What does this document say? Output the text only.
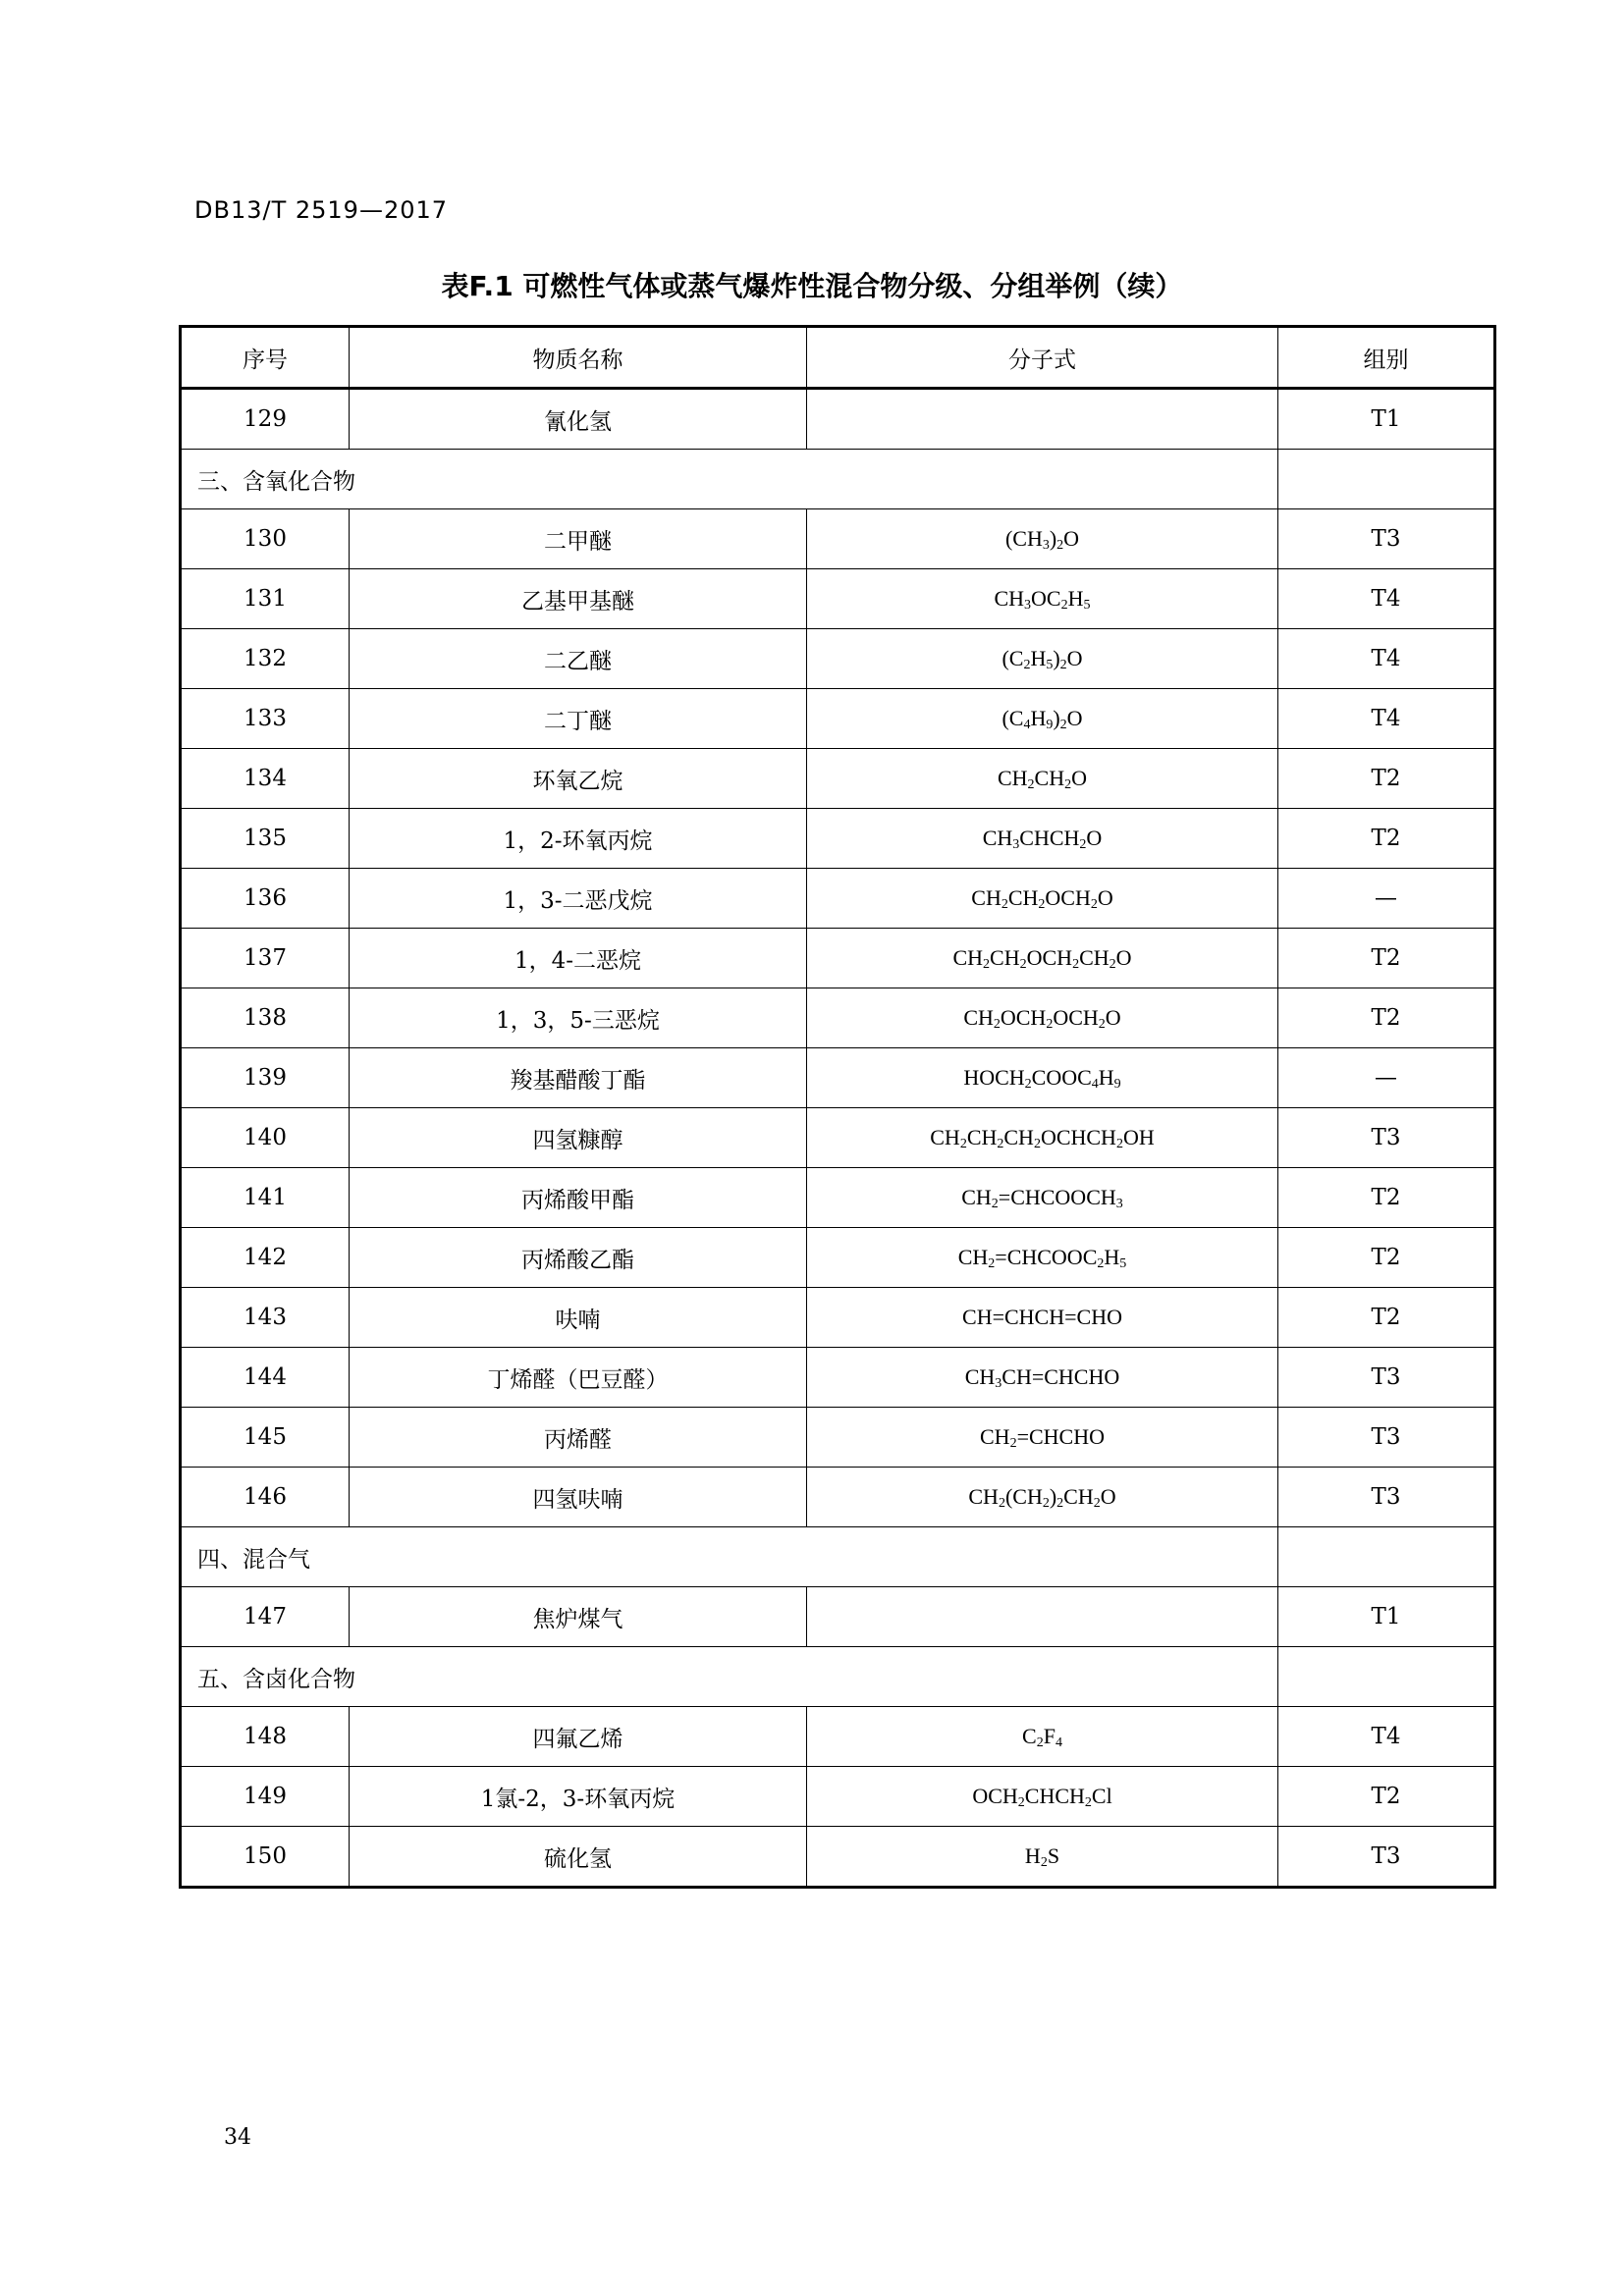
DB13/T 2519—2017
表F.1 可燃性气体或蒸气爆炸性混合物分级、分组举例（续）
序号	物质名称	分子式	组别
129	氰化氢		T1
三、含氧化合物			
130	二甲醚	$(CH_3)_2O$	T3
131	乙基甲基醚	$CH_3OC_2H_5$	T4
132	二乙醚	$(C_2H_5)_2O$	T4
133	二丁醚	$(C_4H_9)_2O$	T4
134	环氧乙烷	$CH_2CH_2O$	T2
135	1，2-环氧丙烷	$CH_3CHCH_2O$	T2
136	1，3-二恶戊烷	$CH_2CH_2OCH_2O$	—
137	1，4-二恶烷	$CH_2CH_2OCH_2CH_2O$	T2
138	1，3，5-三恶烷	$CH_2OCH_2OCH_2O$	T2
139	羧基醋酸丁酯	$HOCH_2COOC_4H_9$	—
140	四氢糠醇	$CH_2CH_2CH_2OCHCH_2OH$	T3
141	丙烯酸甲酯	$CH_2=CHCOOCH_3$	T2
142	丙烯酸乙酯	$CH_2=CHCOOC_2H_5$	T2
143	呋喃	CH=CHCH=CHO	T2
144	丁烯醛（巴豆醛）	$CH_3CH=CHCHO$	T3
145	丙烯醛	$CH_2=CHCHO$	T3
146	四氢呋喃	$CH_2(CH_2)_2CH_2O$	T3
四、混合气			
147	焦炉煤气		T1
五、含卤化合物			
148	四氟乙烯	$C_2F_4$	T4
149	1氯-2，3-环氧丙烷	$OCH_2CHCH_2Cl$	T2
150	硫化氢	$H_2S$	T3
34
